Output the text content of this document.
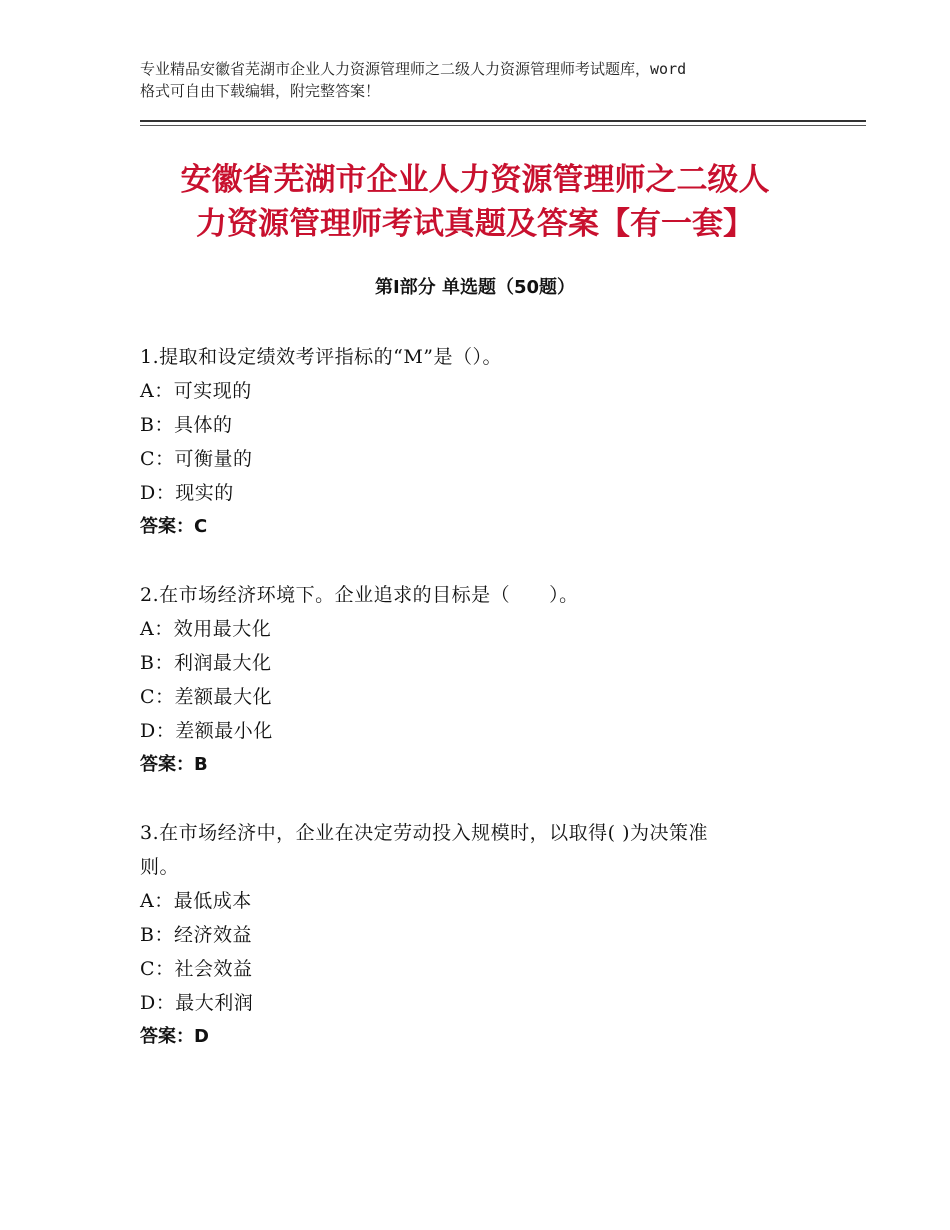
专业精品安徽省芜湖市企业人力资源管理师之二级人力资源管理师考试题库，word
格式可自由下载编辑，附完整答案！
安徽省芜湖市企业人力资源管理师之二级人
力资源管理师考试真题及答案【有一套】
第Ⅰ部分 单选题（50题）
1.提取和设定绩效考评指标的“M”是（）。
A：可实现的
B：具体的
C：可衡量的
D：现实的
答案：C
2.在市场经济环境下。企业追求的目标是（　　）。
A：效用最大化
B：利润最大化
C：差额最大化
D：差额最小化
答案：B
3.在市场经济中，企业在决定劳动投入规模时，以取得( )为决策准
则。
A：最低成本
B：经济效益
C：社会效益
D：最大利润
答案：D
